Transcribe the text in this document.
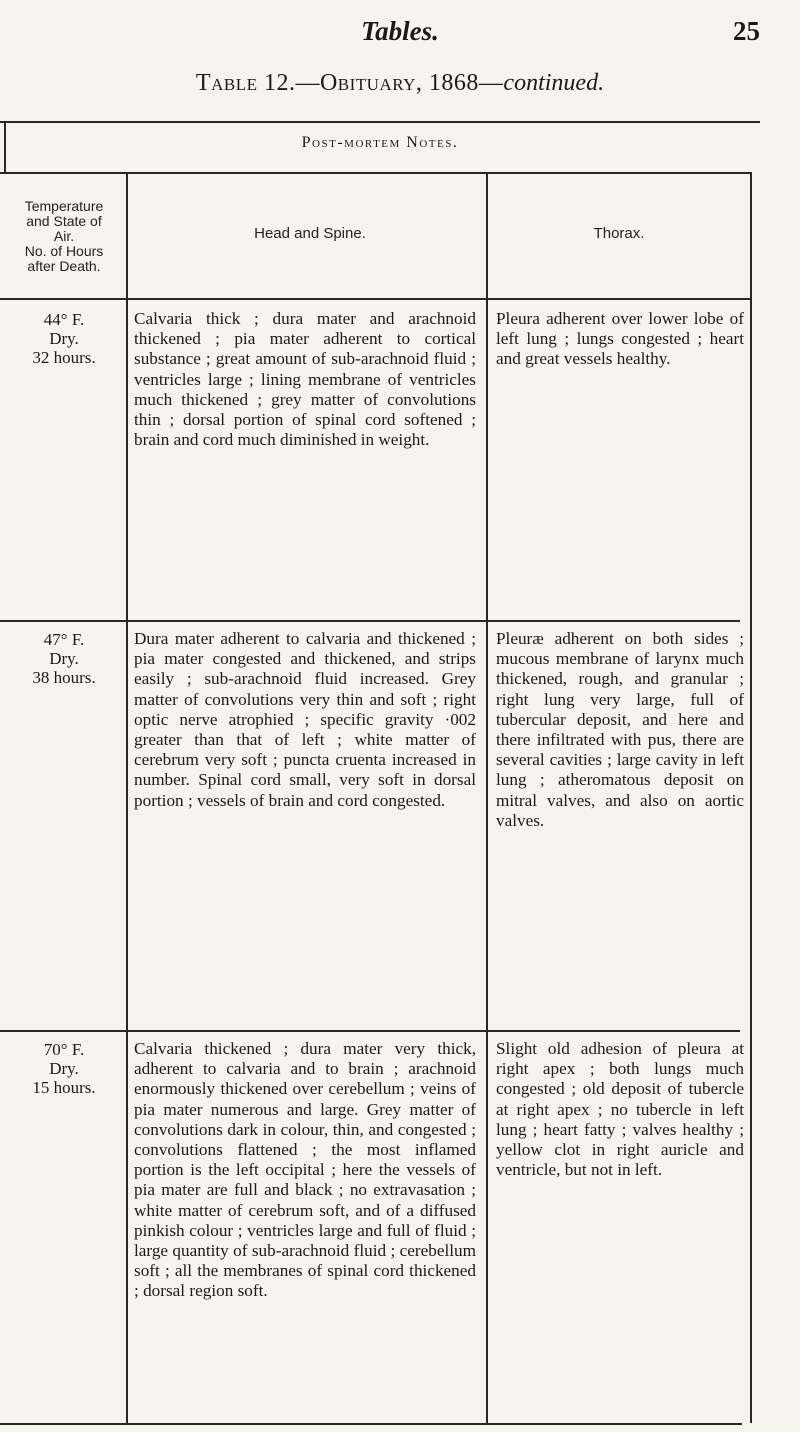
Tables.	25
Table 12.—Obituary, 1868—continued.
Post-mortem Notes.
Temperature
and State of
Air.
No. of Hours
after Death.
Head and Spine.	Thorax.
44° F.
Dry.
32 hours.
Calvaria thick ; dura mater and arachnoid thickened ; pia mater adherent to cortical substance ; great amount of sub-arachnoid fluid ; ventricles large ; lining membrane of ventricles much thickened ; grey matter of convolutions thin ; dorsal portion of spinal cord softened ; brain and cord much diminished in weight.
Pleura adherent over lower lobe of left lung ; lungs congested ; heart and great vessels healthy.
47° F.
Dry.
38 hours.
Dura mater adherent to calvaria and thickened ; pia mater congested and thickened, and strips easily ; sub-arachnoid fluid increased. Grey matter of convolutions very thin and soft ; right optic nerve atrophied ; specific gravity ·002 greater than that of left ; white matter of cerebrum very soft ; puncta cruenta increased in number. Spinal cord small, very soft in dorsal portion ; vessels of brain and cord congested.
Pleuræ adherent on both sides ; mucous membrane of larynx much thickened, rough, and granular ; right lung very large, full of tubercular deposit, and here and there infiltrated with pus, there are several cavities ; large cavity in left lung ; atheromatous deposit on mitral valves, and also on aortic valves.
70° F.
Dry.
15 hours.
Calvaria thickened ; dura mater very thick, adherent to calvaria and to brain ; arachnoid enormously thickened over cerebellum ; veins of pia mater numerous and large. Grey matter of convolutions dark in colour, thin, and congested ; convolutions flattened ; the most inflamed portion is the left occipital ; here the vessels of pia mater are full and black ; no extravasation ; white matter of cerebrum soft, and of a diffused pinkish colour ; ventricles large and full of fluid ; large quantity of sub-arachnoid fluid ; cerebellum soft ; all the membranes of spinal cord thickened ; dorsal region soft.
Slight old adhesion of pleura at right apex ; both lungs much congested ; old deposit of tubercle at right apex ; no tubercle in left lung ; heart fatty ; valves healthy ; yellow clot in right auricle and ventricle, but not in left.
